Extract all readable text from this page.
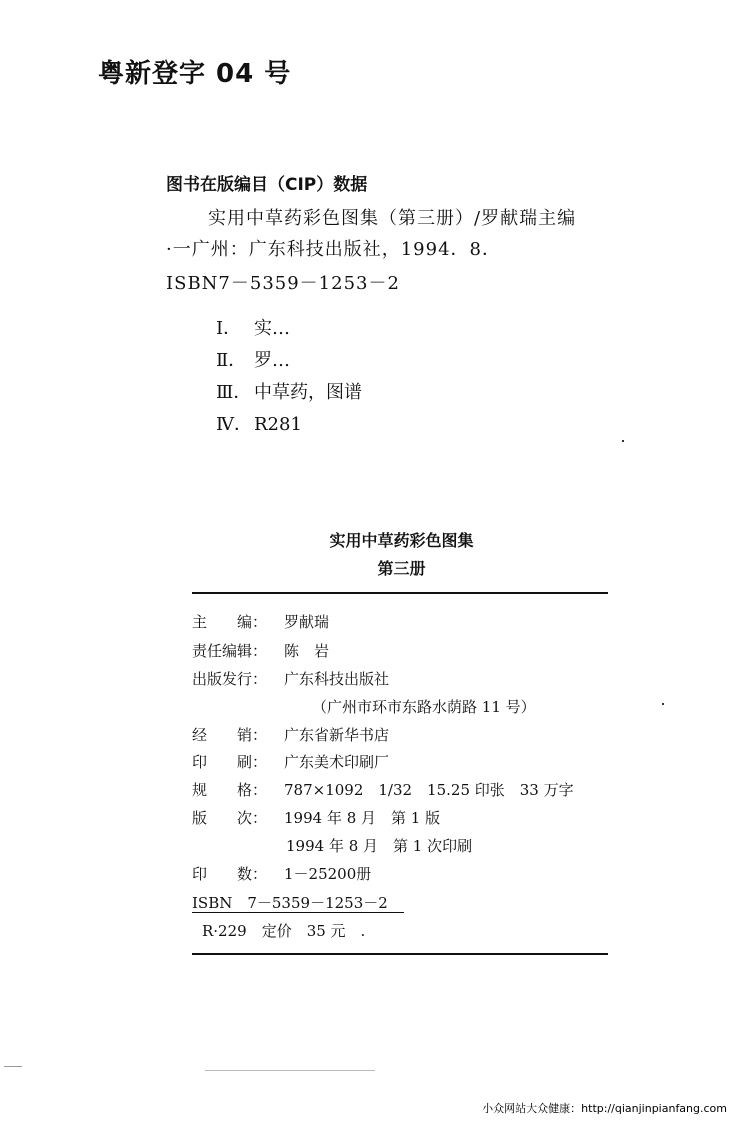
粤新登字 04 号
图书在版编目（CIP）数据
实用中草药彩色图集（第三册）/罗献瑞主编
·一广州：广东科技出版社，1994．8．
ISBN7－5359－1253－2
Ⅰ． 实…
Ⅱ． 罗…
Ⅲ． 中草药，图谱
Ⅳ． R281
实用中草药彩色图集
第三册
主　　编： 罗献瑞
责任编辑： 陈　岩
出版发行： 广东科技出版社
（广州市环市东路水荫路 11 号）
经　　销： 广东省新华书店
印　　刷： 广东美术印刷厂
规　　格： 787×1092　1/32　15.25 印张　33 万字
版　　次： 1994 年 8 月　第 1 版
1994 年 8 月　第 1 次印刷
印　　数： 1－25200册
ISBN　7－5359－1253－2
R·229　定价　35 元　.
小众网站大众健康：http://qianjinpianfang.com
